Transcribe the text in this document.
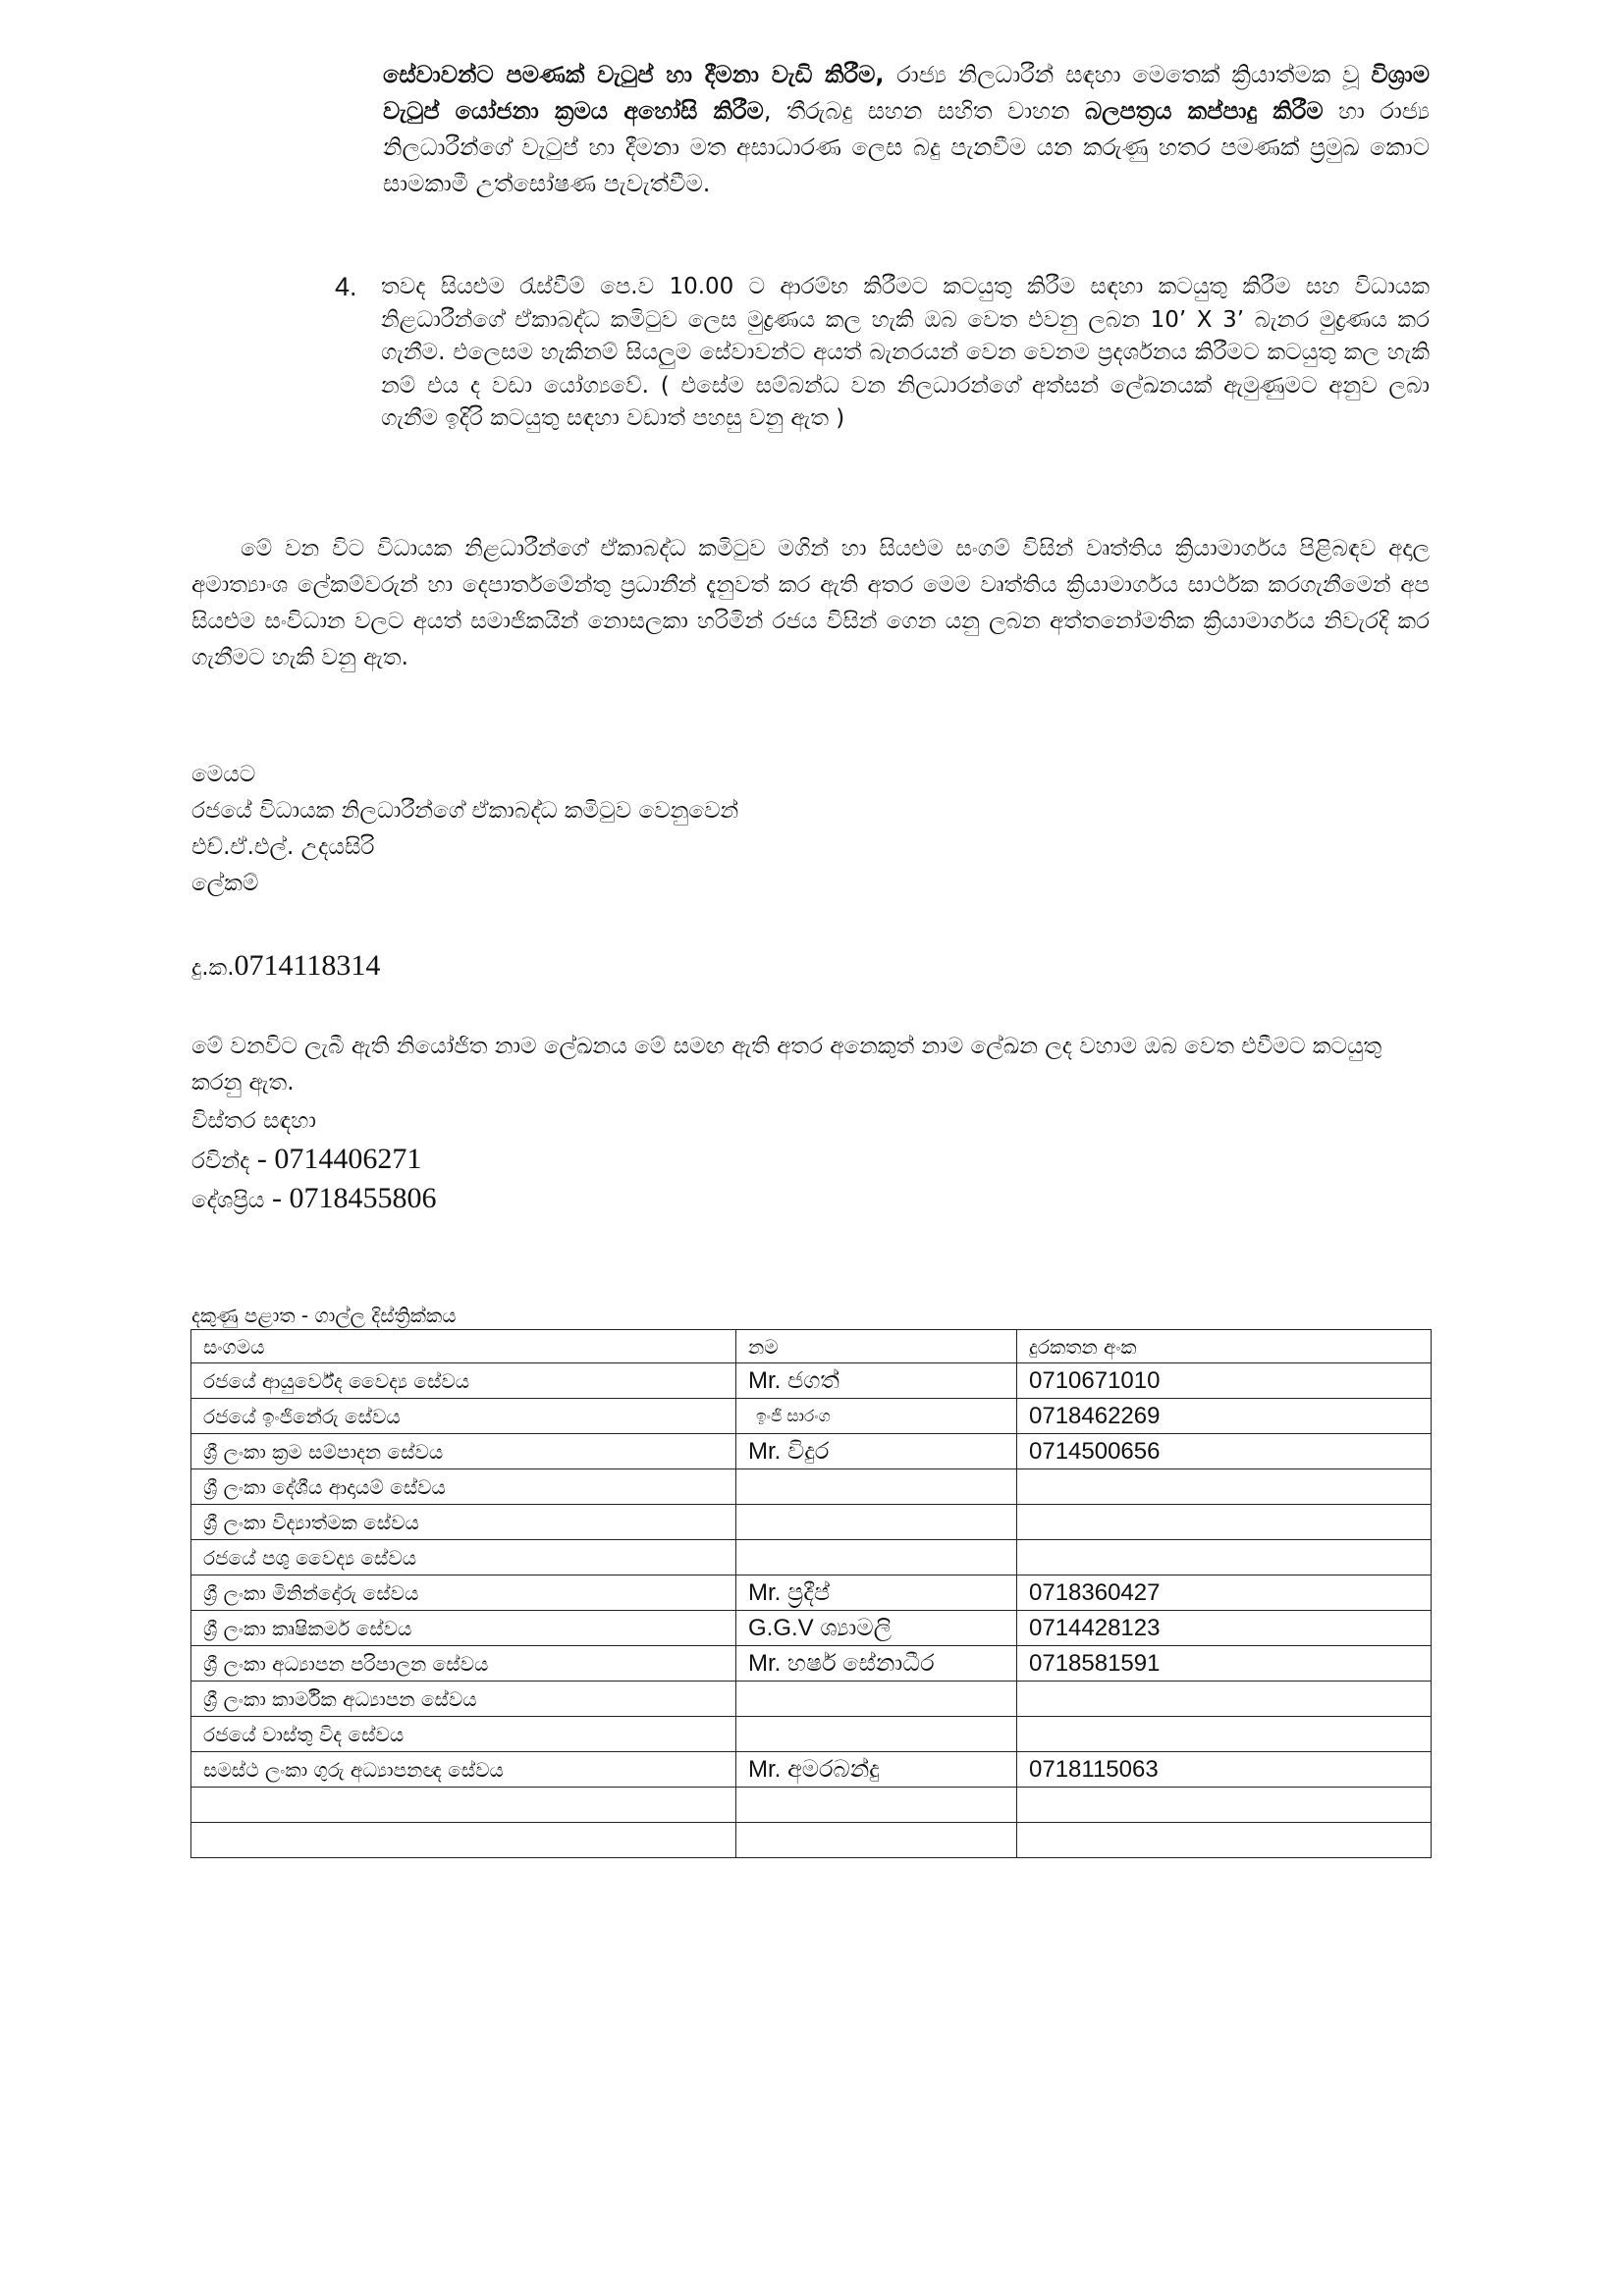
සේවාවන්ට පමණක් වැටුප් හා දීමනා වැඩි කිරීම, රාජ්‍ය නිලධාරීන් සඳහා මෙතෙක් ක්‍රියාත්මක වූ විශ්‍රාම වැටුප් යෝජනා ක්‍රමය අහෝසි කිරීම, තීරුබදු සහන සහිත වාහන බලපත්‍රය කප්පාදු කිරීම හා රාජ්‍ය නිලධාරීන්ගේ වැටුප් හා දීමනා මත අසාධාරණ ලෙස බදු පැනවීම යන කරුණු හතර පමණක් ප්‍රමුඛ කොට සාමකාමී උත්සෝෂණ පැවැත්වීම.
4. තවද සියළුම රැස්වීම් පෙ.ව 10.00 ට ආරම්භ කිරීමට කටයුතු කිරීම සඳහා කටයුතු කිරීම සහ විධායක නිළධාරීන්ගේ ඒකාබද්ධ කමිටුව ලෙස මුද්‍රණය කල හැකි ඔබ වෙත එවනු ලබන 10’ X 3’ බැනර මුද්‍රණය කර ගැනීම. එලෙසම හැකිනම් සියලුම සේවාවන්ට අයත් බැනරයන් වෙන වෙනම ප්‍රදර්ශනය කිරීමට කටයුතු කල හැකි නම් එය ද වඩා යෝග්‍යවේ. ( එසේම සම්බන්ධ වන නිලධාරන්ගේ අත්සන් ලේඛනයක් ඇමුණුමට අනුව ලබා ගැනීම ඉදිරි කටයුතු සඳහා වඩාත් පහසු වනු ඇත )
මේ වන විට විධායක නිළධාරීන්ගේ ඒකාබද්ධ කමිටුව මගින් හා සියළුම සංගම් විසින් වෘත්තිය ක්‍රියාමාර්ගය පිළිබඳව අදාල අමාත්‍යාංශ ලේකම්වරුන් හා දෙපාර්තමේන්තු ප්‍රධානීන් දැනුවත් කර ඇති අතර මෙම වෘත්තිය ක්‍රියාමාර්ගය සාර්ථක කරගැනීමෙන් අප සියළුම සංවිධාන වලට අයත් සමාජිකයින් නොසලකා හරිමින් රජය විසින් ගෙන යනු ලබන අත්තනෝමතික ක්‍රියාමාර්ගය නිවැරදි කර ගැනීමට හැකි වනු ඇත.
මෙයට
රජයේ විධායක නිලධාරීන්ගේ ඒකාබද්ධ කමිටුව වෙනුවෙන්
එච්.ඒ.එල්. උදයසිරි
ලේකම්
දු.ක.0714118314
මේ වනවිට ලැබී ඇති නියෝජිත නාම ලේඛනය මේ සමඟ ඇති අතර අනෙකුත් නාම ලේඛන ලද වහාම ඔබ වෙත එවීමට කටයුතු කරනු ඇත.
විස්තර සඳහා
රවින්ද - 0714406271
දේශප්‍රිය - 0718455806
දකුණු පළාත - ගාල්ල දිස්ත්‍රික්කය
සංගමය	නම	දුරකතන අංක
රජයේ ආයුර්වේද වෛද්‍ය සේවය	Mr. ජගත්	0710671010
රජයේ ඉංජිනේරු සේවය	ඉංජි සාරංග	0718462269
ශ්‍රී ලංකා ක්‍රම සම්පාදන සේවය	Mr. විදුර	0714500656
ශ්‍රී ලංකා දේශීය ආදායම් සේවය		
ශ්‍රී ලංකා විද්‍යාත්මක සේවය		
රජයේ පශු වෛද්‍ය සේවය		
ශ්‍රී ලංකා මිනින්දෝරු සේවය	Mr. ප්‍රදීප්	0718360427
ශ්‍රී ලංකා කෘෂිකර්ම සේවය	G.G.V ශ්‍යාමලි	0714428123
ශ්‍රී ලංකා අධ්‍යාපන පරිපාලන සේවය	Mr. හර්ෂ සේනාධීර	0718581591
ශ්‍රී ලංකා කාර්මික අධ්‍යාපන සේවය		
රජයේ වාස්තු විද සේවය		
සමස්ථ ලංකා ගුරු අධ්‍යාපනඥ සේවය	Mr. අමරබන්දු	0718115063
